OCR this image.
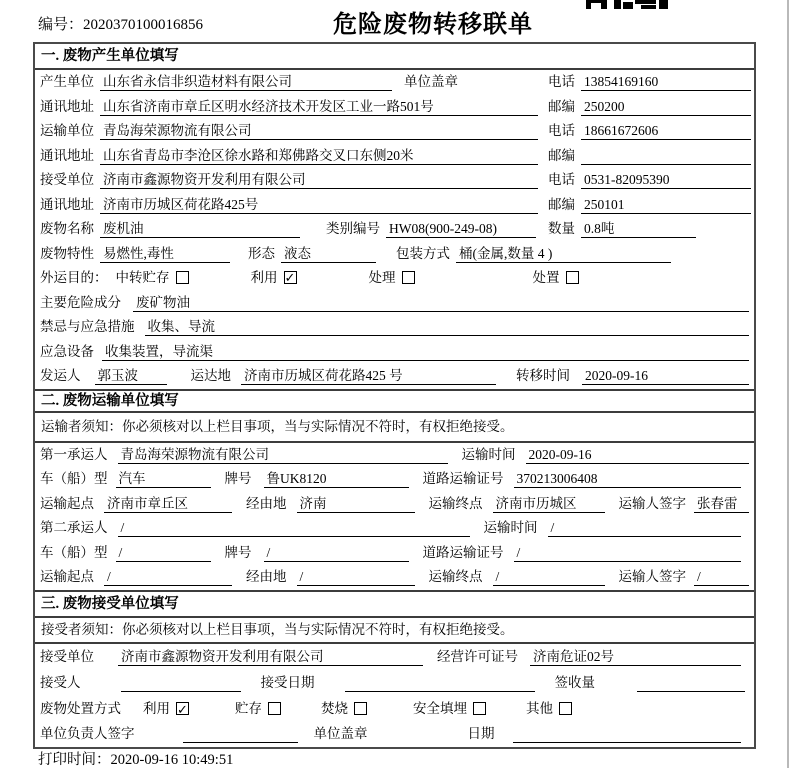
编号：2020370100016856	危险废物转移联单
一. 废物产生单位填写
产生单位 山东省永信非织造材料有限公司	单位盖章	电话 13854169160
通讯地址 山东省济南市章丘区明水经济技术开发区工业一路501号	邮编 250200
运输单位 青岛海荣源物流有限公司	电话 18661672606
通讯地址 山东省青岛市李沧区徐水路和郑佛路交叉口东侧20米	邮编
接受单位 济南市鑫源物资开发利用有限公司	电话 0531-82095390
通讯地址 济南市历城区荷花路425号	邮编 250101
废物名称 废机油	类别编号 HW08(900-249-08)	数量 0.8吨
废物特性 易燃性,毒性	形态 液态	包装方式 桶(金属,数量 4 )
外运目的： 中转贮存	利用 ✓	处理	处置
主要危险成分 废矿物油
禁忌与应急措施 收集、导流
应急设备 收集装置，导流渠
发运人 郭玉波	运达地 济南市历城区荷花路425 号	转移时间 2020-09-16
二. 废物运输单位填写
运输者须知： 你必须核对以上栏目事项，当与实际情况不符时，有权拒绝接受。
第一承运人 青岛海荣源物流有限公司	运输时间 2020-09-16
车（船）型 汽车	牌号 鲁UK8120	道路运输证号 370213006408
运输起点 济南市章丘区	经由地 济南	运输终点 济南市历城区	运输人签字 张春雷
第二承运人 /	运输时间 /
车（船）型 /	牌号 /	道路运输证号 /
运输起点 /	经由地 /	运输终点 /	运输人签字 /
三. 废物接受单位填写
接受者须知： 你必须核对以上栏目事项，当与实际情况不符时，有权拒绝接受。
接受单位 济南市鑫源物资开发利用有限公司	经营许可证号 济南危证02号
接受人	接受日期	签收量
废物处置方式 利用 ✓	贮存	焚烧	安全填埋	其他
单位负责人签字	单位盖章	日期
打印时间：2020-09-16 10:49:51
